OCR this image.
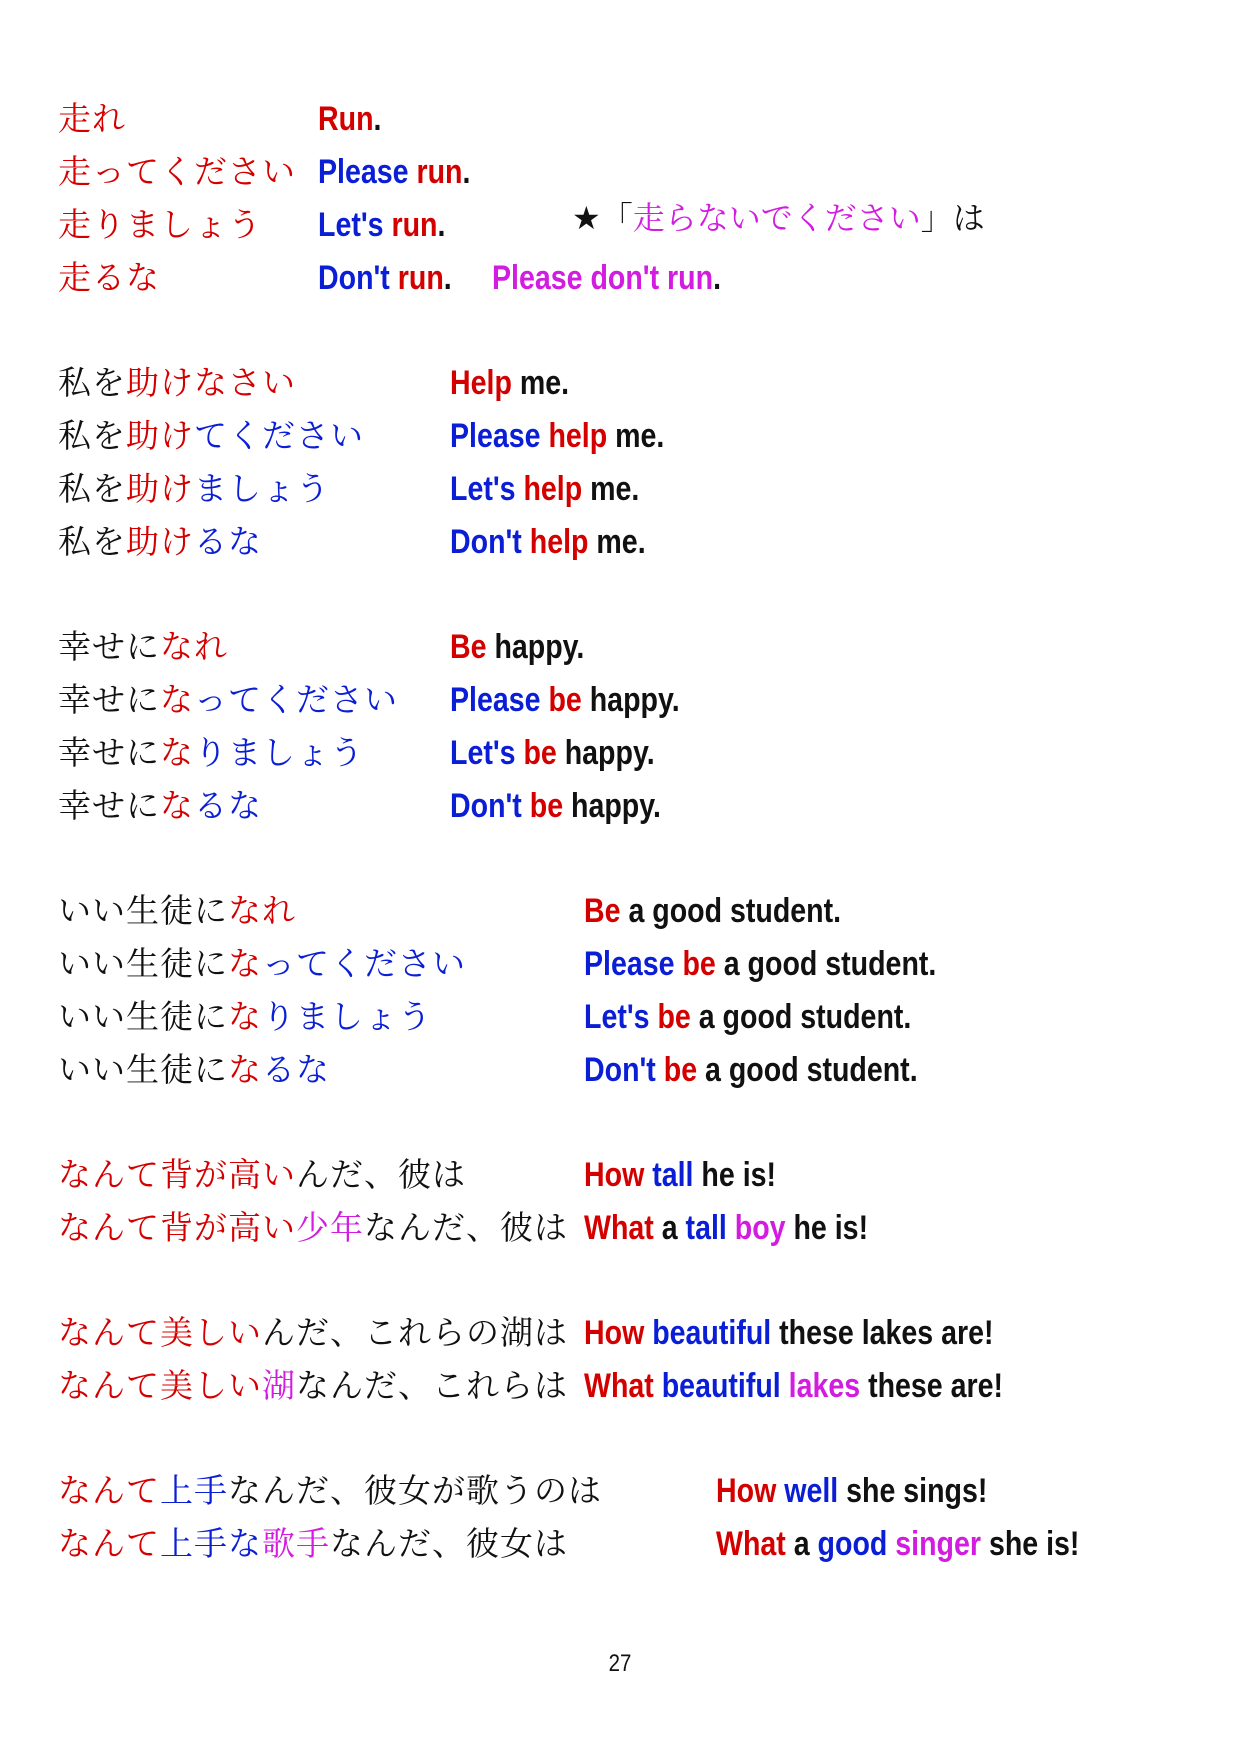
走れ	Run.
走ってください Please run.
走りましょう Let's run.
走るな	Don't run. Please don't run.
私を助けなさい	Help me.
私を助けてください	Please help me.
私を助けましょう	Let's help me.
私を助けるな	Don't help me.
幸せになれ	Be happy.
幸せになってください Please be happy.
幸せになりましょう	Let's be happy.
幸せになるな	Don't be happy.
いい生徒になれ	Be a good student.
いい生徒になってください	Please be a good student.
いい生徒になりましょう	Let's be a good student.
いい生徒になるな	Don't be a good student.
なんて背が高いんだ、彼は	How tall he is!
なんて背が高い少年なんだ、彼は What a tall boy he is!
なんて美しいんだ、これらの湖は How beautiful these lakes are!
なんて美しい湖なんだ、これらは What beautiful lakes these are!
なんて上手なんだ、彼女が歌うのは	How well she sings!
なんて上手な歌手なんだ、彼女は	What a good singer she is!
★「走らないでください」は
27
